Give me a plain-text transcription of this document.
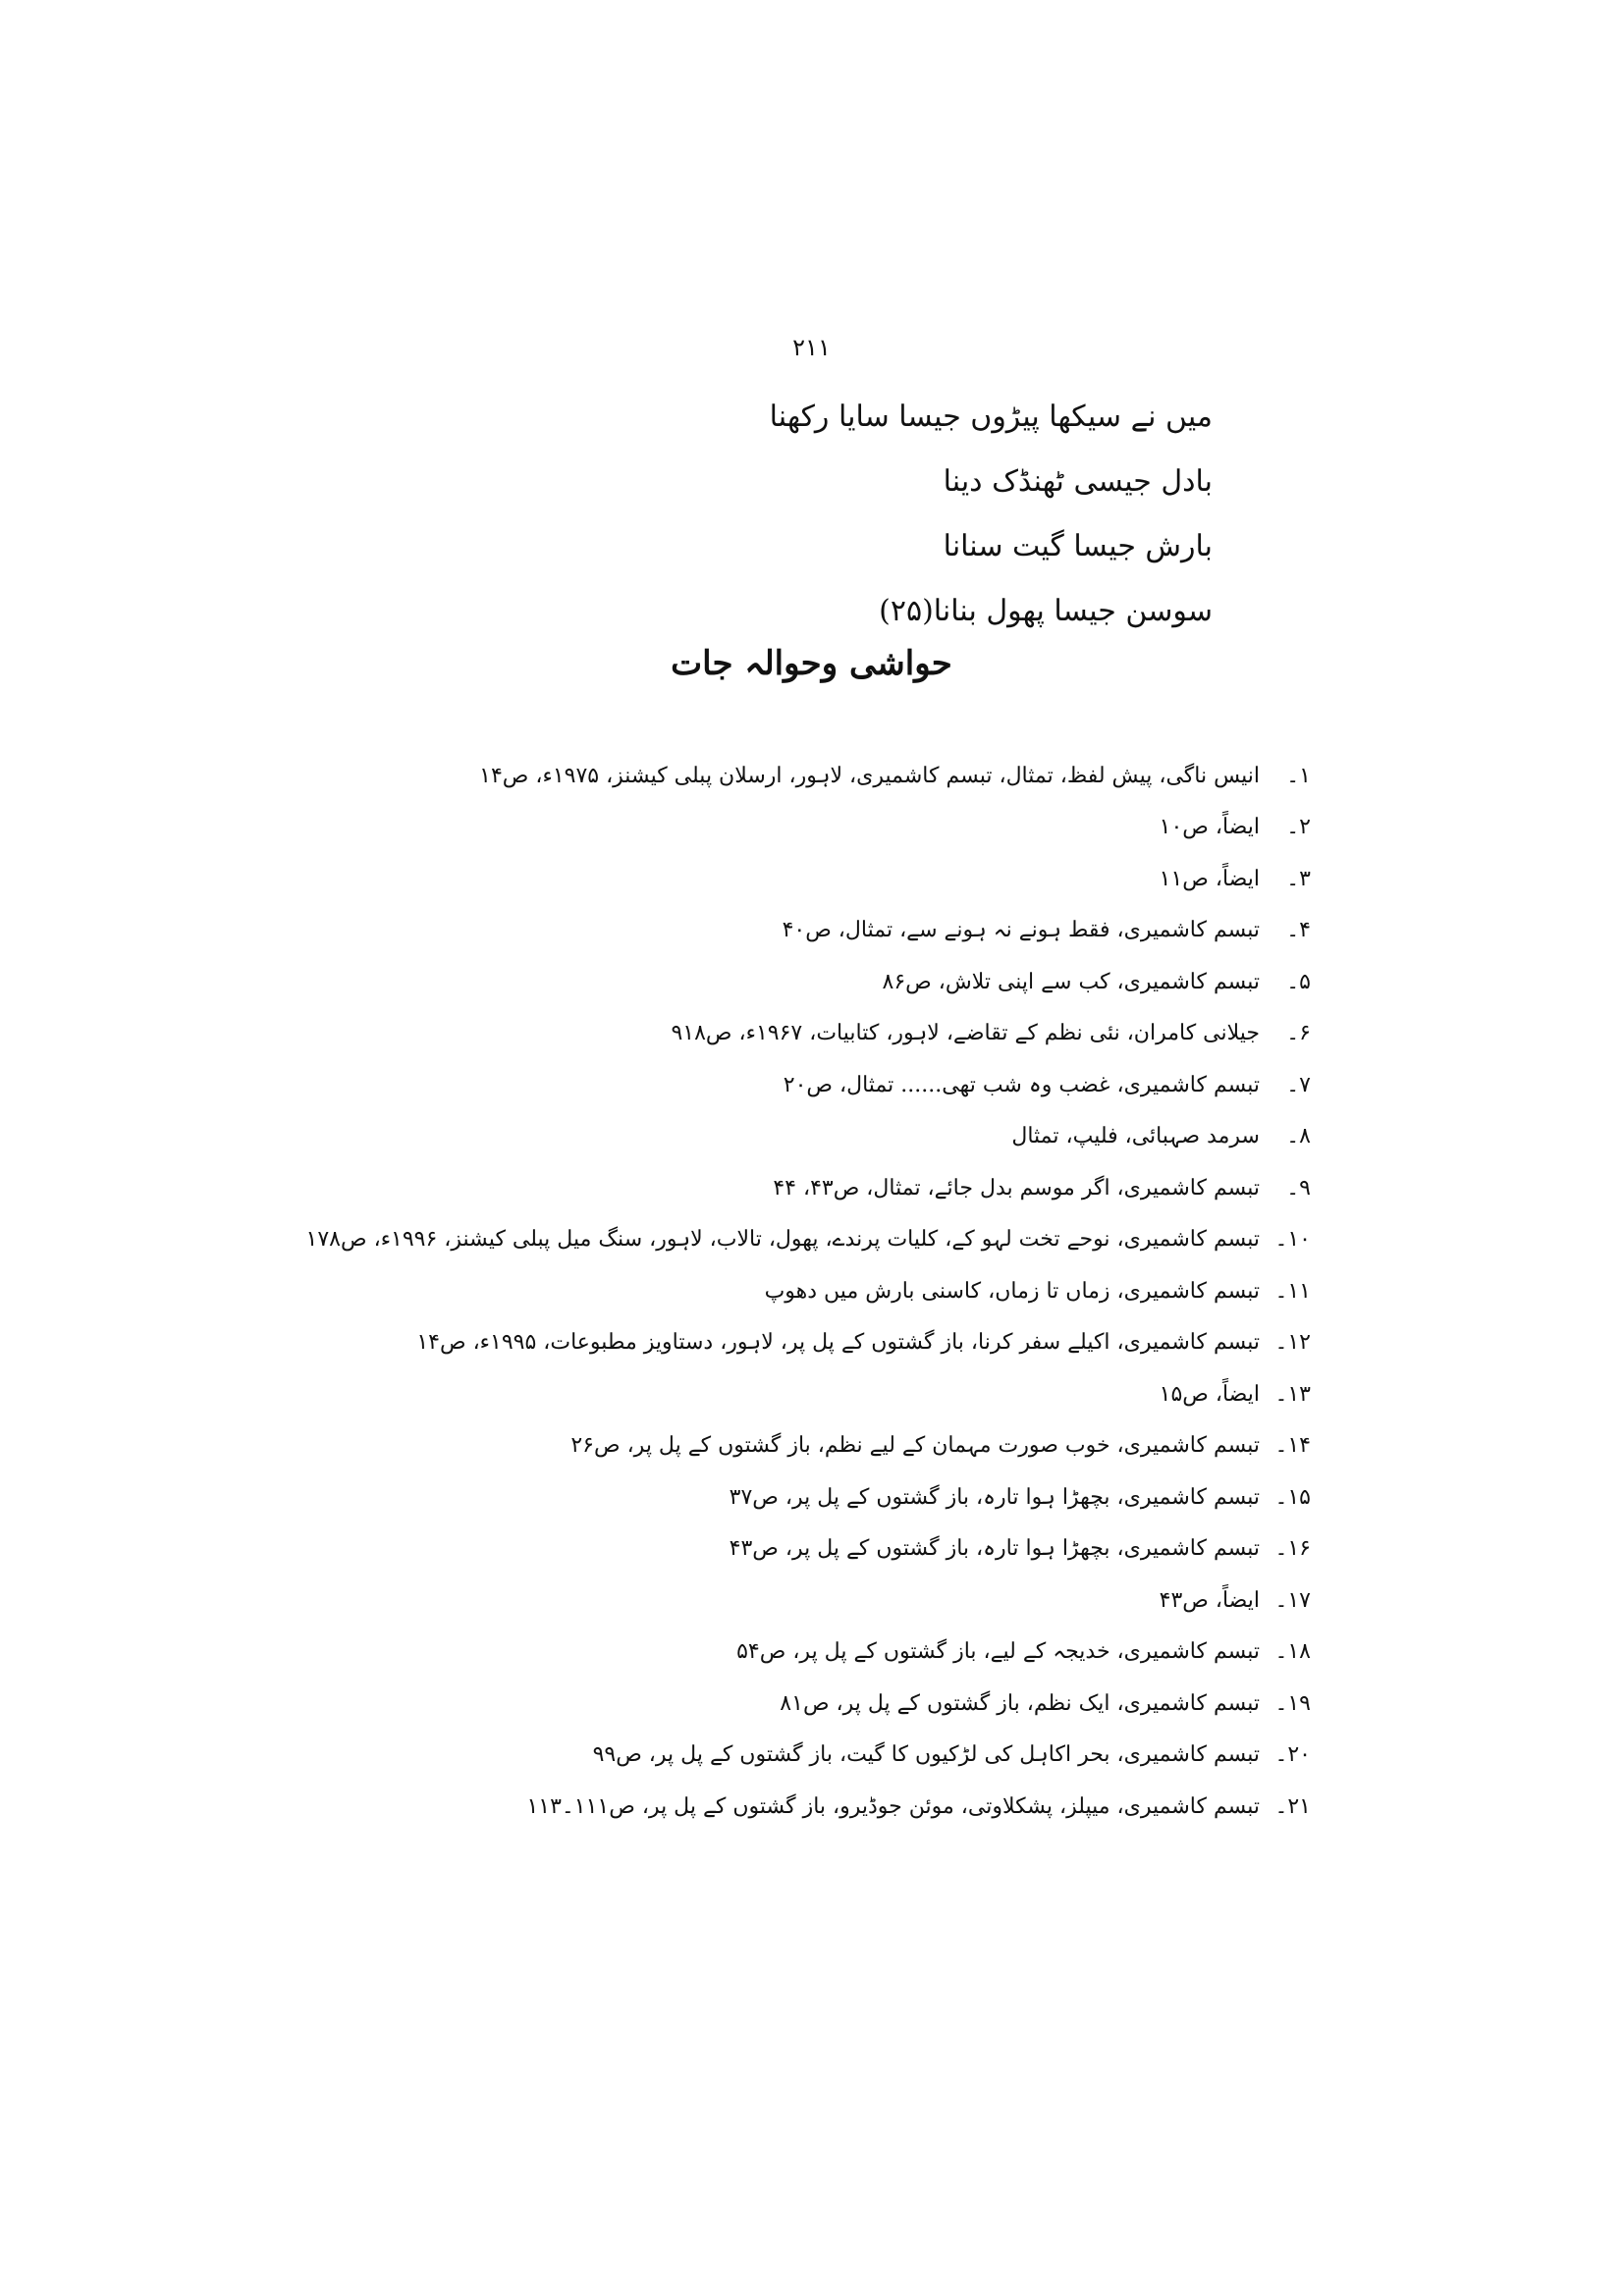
۲۱۱
میں نے سیکھا پیڑوں جیسا سایا رکھنا
بادل جیسی ٹھنڈک دینا
بارش جیسا گیت سنانا
سوسن جیسا پھول بنانا(۲۵)
حواشی وحوالہ جات
۱۔
انیس ناگی، پیش لفظ، تمثال، تبسم کاشمیری، لاہور، ارسلان پبلی کیشنز، ۱۹۷۵ء، ص۱۴
۲۔
ایضاً، ص۱۰
۳۔
ایضاً، ص۱۱
۴۔
تبسم کاشمیری، فقط ہونے نہ ہونے سے، تمثال، ص۴۰
۵۔
تبسم کاشمیری، کب سے اپنی تلاش، ص۸۶
۶۔
جیلانی کامران، نئی نظم کے تقاضے، لاہور، کتابیات، ۱۹۶۷ء، ص۹۱۸
۷۔
تبسم کاشمیری، غضب وہ شب تھی...... تمثال، ص۲۰
۸۔
سرمد صہبائی، فلیپ، تمثال
۹۔
تبسم کاشمیری، اگر موسم بدل جائے، تمثال، ص۴۳، ۴۴
۱۰۔
تبسم کاشمیری، نوحے تخت لہو کے، کلیات پرندے، پھول، تالاب، لاہور، سنگ میل پبلی کیشنز، ۱۹۹۶ء، ص۱۷۸
۱۱۔
تبسم کاشمیری، زماں تا زماں، کاسنی بارش میں دھوپ
۱۲۔
تبسم کاشمیری، اکیلے سفر کرنا، باز گشتوں کے پل پر، لاہور، دستاویز مطبوعات، ۱۹۹۵ء، ص۱۴
۱۳۔
ایضاً، ص۱۵
۱۴۔
تبسم کاشمیری، خوب صورت مہمان کے لیے نظم، باز گشتوں کے پل پر، ص۲۶
۱۵۔
تبسم کاشمیری، بچھڑا ہوا تارہ، باز گشتوں کے پل پر، ص۳۷
۱۶۔
تبسم کاشمیری، بچھڑا ہوا تارہ، باز گشتوں کے پل پر، ص۴۳
۱۷۔
ایضاً، ص۴۳
۱۸۔
تبسم کاشمیری، خدیجہ کے لیے، باز گشتوں کے پل پر، ص۵۴
۱۹۔
تبسم کاشمیری، ایک نظم، باز گشتوں کے پل پر، ص۸۱
۲۰۔
تبسم کاشمیری، بحر اکاہل کی لڑکیوں کا گیت، باز گشتوں کے پل پر، ص۹۹
۲۱۔
تبسم کاشمیری، میپلز، پشکلاوتی، موئن جوڈیرو، باز گشتوں کے پل پر، ص۱۱۱۔۱۱۳
